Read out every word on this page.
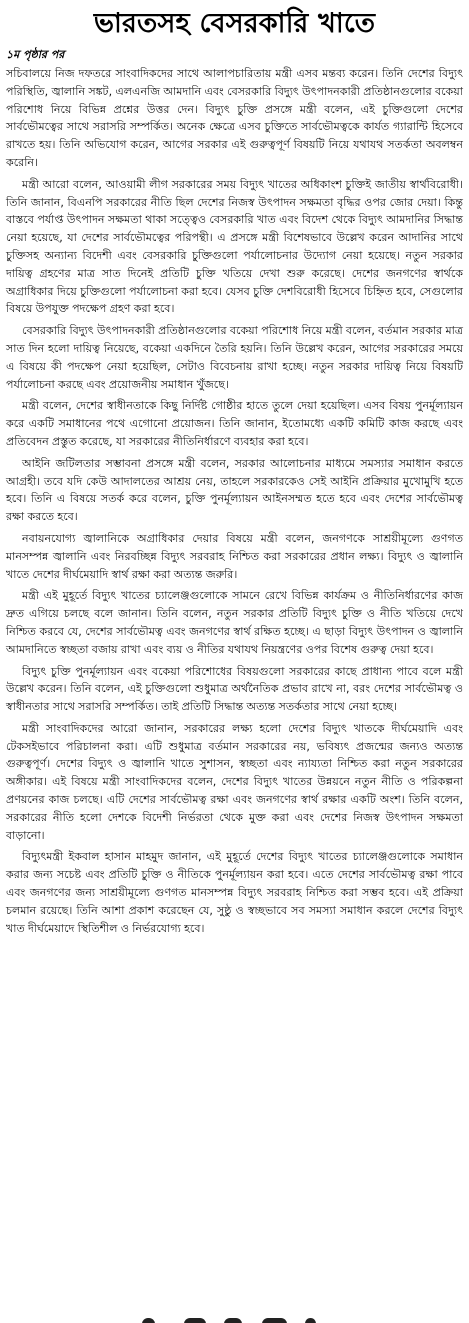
ভারতসহ বেসরকারি খাতে
১ম পৃষ্ঠার পর

সচিবালয়ে নিজ দফতরে সাংবাদিকদের সাথে আলাপচারিতায় মন্ত্রী এসব মন্তব্য করেন। তিনি দেশের বিদ্যুৎ পরিস্থিতি, জ্বালানি সঙ্কট, এলএনজি আমদানি এবং বেসরকারি বিদ্যুৎ উৎপাদনকারী প্রতিষ্ঠানগুলোর বকেয়া পরিশোধ নিয়ে বিভিন্ন প্রশ্নের উত্তর দেন। বিদ্যুৎ চুক্তি প্রসঙ্গে মন্ত্রী বলেন, এই চুক্তিগুলো দেশের সার্বভৌমত্বের সাথে সরাসরি সম্পর্কিত। অনেক ক্ষেত্রে এসব চুক্তিতে সার্বভৌমত্বকে কার্যত গ্যারান্টি হিসেবে রাখতে হয়। তিনি অভিযোগ করেন, আগের সরকার এই গুরুত্বপূর্ণ বিষয়টি নিয়ে যথাযথ সতর্কতা অবলম্বন করেনি।

মন্ত্রী আরো বলেন, আওয়ামী লীগ সরকারের সময় বিদ্যুৎ খাতের অধিকাংশ চুক্তিই জাতীয় স্বার্থবিরোধী। তিনি জানান, বিএনপি সরকারের নীতি ছিল দেশের নিজস্ব উৎপাদন সক্ষমতা বৃদ্ধির ওপর জোর দেয়া। কিন্তু বাস্তবে পর্যাপ্ত উৎপাদন সক্ষমতা থাকা সত্ত্বেও বেসরকারি খাত এবং বিদেশ থেকে বিদ্যুৎ আমদানির সিদ্ধান্ত নেয়া হয়েছে, যা দেশের সার্বভৌমত্বের পরিপন্থী। এ প্রসঙ্গে মন্ত্রী বিশেষভাবে উল্লেখ করেন আদানির সাথে চুক্তিসহ অন্যান্য বিদেশী এবং বেসরকারি চুক্তিগুলো পর্যালোচনার উদ্যোগ নেয়া হয়েছে। নতুন সরকার দায়িত্ব গ্রহণের মাত্র সাত দিনেই প্রতিটি চুক্তি খতিয়ে দেখা শুরু করেছে। দেশের জনগণের স্বার্থকে অগ্রাধিকার দিয়ে চুক্তিগুলো পর্যালোচনা করা হবে। যেসব চুক্তি দেশবিরোধী হিসেবে চিহ্নিত হবে, সেগুলোর বিষয়ে উপযুক্ত পদক্ষেপ গ্রহণ করা হবে।

বেসরকারি বিদ্যুৎ উৎপাদনকারী প্রতিষ্ঠানগুলোর বকেয়া পরিশোধ নিয়ে মন্ত্রী বলেন, বর্তমান সরকার মাত্র সাত দিন হলো দায়িত্ব নিয়েছে, বকেয়া একদিনে তৈরি হয়নি। তিনি উল্লেখ করেন, আগের সরকারের সময়ে এ বিষয়ে কী পদক্ষেপ নেয়া হয়েছিল, সেটাও বিবেচনায় রাখা হচ্ছে। নতুন সরকার দায়িত্ব নিয়ে বিষয়টি পর্যালোচনা করছে এবং প্রয়োজনীয় সমাধান খুঁজছে।

মন্ত্রী বলেন, দেশের স্বাধীনতাকে কিছু নির্দিষ্ট গোষ্ঠীর হাতে তুলে দেয়া হয়েছিল। এসব বিষয় পুনর্মূল্যায়ন করে একটি সমাধানের পথে এগোনো প্রয়োজন। তিনি জানান, ইতোমধ্যে একটি কমিটি কাজ করছে এবং প্রতিবেদন প্রস্তুত করেছে, যা সরকারের নীতিনির্ধারণে ব্যবহার করা হবে।

আইনি জটিলতার সম্ভাবনা প্রসঙ্গে মন্ত্রী বলেন, সরকার আলোচনার মাধ্যমে সমস্যার সমাধান করতে আগ্রহী। তবে যদি কেউ আদালতের আশ্রয় নেয়, তাহলে সরকারকেও সেই আইনি প্রক্রিয়ার মুখোমুখি হতে হবে। তিনি এ বিষয়ে সতর্ক করে বলেন, চুক্তি পুনর্মূল্যায়ন আইনসম্মত হতে হবে এবং দেশের সার্বভৌমত্ব রক্ষা করতে হবে।

নবায়নযোগ্য জ্বালানিকে অগ্রাধিকার দেয়ার বিষয়ে মন্ত্রী বলেন, জনগণকে সাশ্রয়ীমূল্যে গুণগত মানসম্পন্ন জ্বালানি এবং নিরবচ্ছিন্ন বিদ্যুৎ সরবরাহ নিশ্চিত করা সরকারের প্রধান লক্ষ্য। বিদ্যুৎ ও জ্বালানি খাতে দেশের দীর্ঘমেয়াদি স্বার্থ রক্ষা করা অত্যন্ত জরুরি।

মন্ত্রী এই মুহূর্তে বিদ্যুৎ খাতের চ্যালেঞ্জগুলোকে সামনে রেখে বিভিন্ন কার্যক্রম ও নীতিনির্ধারণের কাজ দ্রুত এগিয়ে চলছে বলে জানান। তিনি বলেন, নতুন সরকার প্রতিটি বিদ্যুৎ চুক্তি ও নীতি খতিয়ে দেখে নিশ্চিত করবে যে, দেশের সার্বভৌমত্ব এবং জনগণের স্বার্থ রক্ষিত হচ্ছে। এ ছাড়া বিদ্যুৎ উৎপাদন ও জ্বালানি আমদানিতে স্বচ্ছতা বজায় রাখা এবং ব্যয় ও নীতির যথাযথ নিয়ন্ত্রণের ওপর বিশেষ গুরুত্ব দেয়া হবে।

বিদ্যুৎ চুক্তি পুনর্মূল্যায়ন এবং বকেয়া পরিশোধের বিষয়গুলো সরকারের কাছে প্রাধান্য পাবে বলে মন্ত্রী উল্লেখ করেন। তিনি বলেন, এই চুক্তিগুলো শুধুমাত্র অর্থনৈতিক প্রভাব রাখে না, বরং দেশের সার্বভৌমত্ব ও স্বাধীনতার সাথে সরাসরি সম্পর্কিত। তাই প্রতিটি সিদ্ধান্ত অত্যন্ত সতর্কতার সাথে নেয়া হচ্ছে।

মন্ত্রী সাংবাদিকদের আরো জানান, সরকারের লক্ষ্য হলো দেশের বিদ্যুৎ খাতকে দীর্ঘমেয়াদি এবং টেকসইভাবে পরিচালনা করা। এটি শুধুমাত্র বর্তমান সরকারের নয়, ভবিষ্যৎ প্রজন্মের জন্যও অত্যন্ত গুরুত্বপূর্ণ। দেশের বিদ্যুৎ ও জ্বালানি খাতে সুশাসন, স্বচ্ছতা এবং ন্যায্যতা নিশ্চিত করা নতুন সরকারের অঙ্গীকার। এই বিষয়ে মন্ত্রী সাংবাদিকদের বলেন, দেশের বিদ্যুৎ খাতের উন্নয়নে নতুন নীতি ও পরিকল্পনা প্রণয়নের কাজ চলছে। এটি দেশের সার্বভৌমত্ব রক্ষা এবং জনগণের স্বার্থ রক্ষার একটি অংশ। তিনি বলেন, সরকারের নীতি হলো দেশকে বিদেশী নির্ভরতা থেকে মুক্ত করা এবং দেশের নিজস্ব উৎপাদন সক্ষমতা বাড়ানো।

বিদ্যুৎমন্ত্রী ইকবাল হাসান মাহমুদ জানান, এই মুহূর্তে দেশের বিদ্যুৎ খাতের চ্যালেঞ্জগুলোকে সমাধান করার জন্য সচেষ্ট এবং প্রতিটি চুক্তি ও নীতিকে পুনর্মূল্যায়ন করা হবে। এতে দেশের সার্বভৌমত্ব রক্ষা পাবে এবং জনগণের জন্য সাশ্রয়ীমূল্যে গুণগত মানসম্পন্ন বিদ্যুৎ সরবরাহ নিশ্চিত করা সম্ভব হবে। এই প্রক্রিয়া চলমান রয়েছে। তিনি আশা প্রকাশ করেছেন যে, সুষ্ঠু ও স্বচ্ছভাবে সব সমস্যা সমাধান করলে দেশের বিদ্যুৎ খাত দীর্ঘমেয়াদে স্থিতিশীল ও নির্ভরযোগ্য হবে।
